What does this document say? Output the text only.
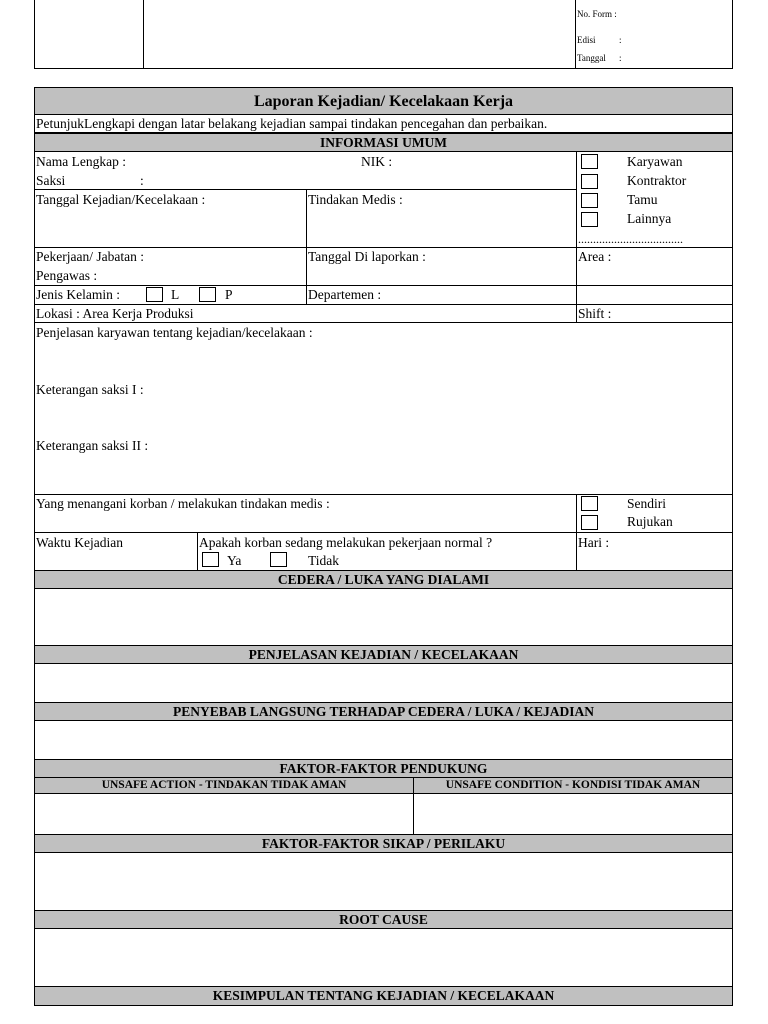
No. Form :
Edisi	:
Tanggal :
Laporan Kejadian/ Kecelakaan Kerja
PetunjukLengkapi dengan latar belakang kejadian sampai tindakan pencegahan dan perbaikan.
INFORMASI UMUM
Nama Lengkap :	NIK :
Saksi	:
Tanggal Kejadian/Kecelakaan :	Tindakan Medis :
Pekerjaan/ Jabatan :
Pengawas :
Tanggal Di laporkan :	Area :
Jenis Kelamin :	L	P	Departemen :
Lokasi : Area Kerja Produksi	Shift :
Karyawan
Kontraktor
Tamu
Lainnya
...................................
Penjelasan karyawan tentang kejadian/kecelakaan :
Keterangan saksi I :
Keterangan saksi II :
Yang menangani korban / melakukan tindakan medis :	Sendiri
Rujukan
Waktu Kejadian	Apakah korban sedang melakukan pekerjaan normal ?
Ya	Tidak
Hari :
CEDERA / LUKA YANG DIALAMI
PENJELASAN KEJADIAN / KECELAKAAN
PENYEBAB LANGSUNG TERHADAP CEDERA / LUKA / KEJADIAN
FAKTOR-FAKTOR PENDUKUNG
UNSAFE ACTION - TINDAKAN TIDAK AMAN	UNSAFE CONDITION - KONDISI TIDAK AMAN
FAKTOR-FAKTOR SIKAP / PERILAKU
ROOT CAUSE
KESIMPULAN TENTANG KEJADIAN / KECELAKAAN
